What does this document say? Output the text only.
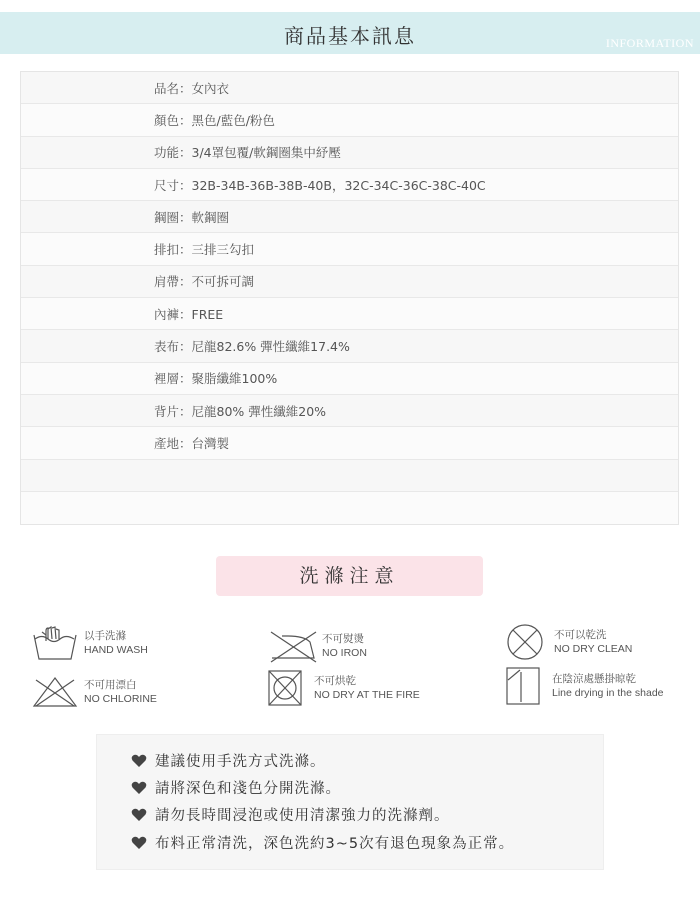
商品基本訊息	INFORMATION
品名：女內衣
顏色：黑色/藍色/粉色
功能：3/4罩包覆/軟鋼圈集中紓壓
尺寸：32B-34B-36B-38B-40B，32C-34C-36C-38C-40C
鋼圈：軟鋼圈
排扣：三排三勾扣
肩帶：不可拆可調
內褲：FREE
表布：尼龍82.6% 彈性纖維17.4%
裡層：聚脂纖維100%
背片：尼龍80% 彈性纖維20%
產地：台灣製
洗滌注意
以手洗滌
HAND WASH
不可熨燙
NO IRON
不可以乾洗
NO DRY CLEAN
不可用漂白
NO CHLORINE
不可烘乾
NO DRY AT THE FIRE
在陰涼處懸掛晾乾
Line drying in the shade
建議使用手洗方式洗滌。
請將深色和淺色分開洗滌。
請勿長時間浸泡或使用清潔強力的洗滌劑。
布料正常清洗，深色洗約3~5次有退色現象為正常。
